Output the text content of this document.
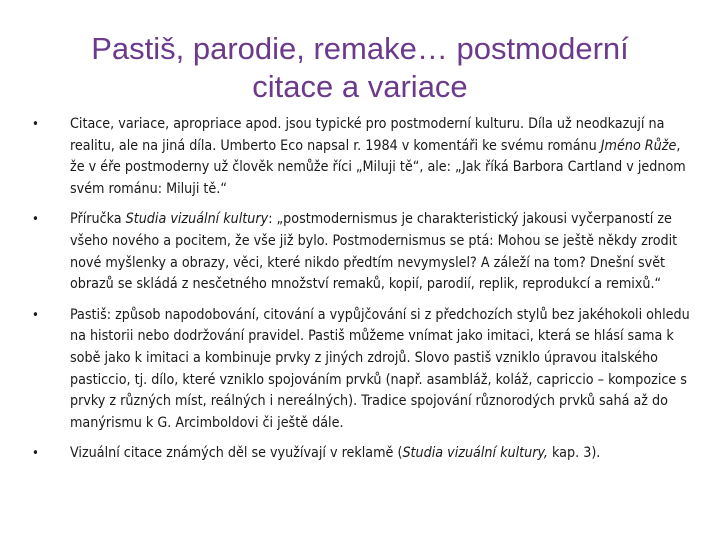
Pastiš, parodie, remake… postmoderní
citace a variace
• Citace, variace, apropriace apod. jsou typické pro postmoderní kulturu. Díla už neodkazují na realitu, ale na jiná díla. Umberto Eco napsal r. 1984 v komentáři ke svému románu Jméno Růže, že v éře postmoderny už člověk nemůže říci „Miluji tě“, ale: „Jak říká Barbora Cartland v jednom svém románu: Miluji tě.“
• Příručka Studia vizuální kultury: „postmodernismus je charakteristický jakousi vyčerpaností ze všeho nového a pocitem, že vše již bylo. Postmodernismus se ptá: Mohou se ještě někdy zrodit nové myšlenky a obrazy, věci, které nikdo předtím nevymyslel? A záleží na tom? Dnešní svět obrazů se skládá z nesčetného množství remaků, kopií, parodií, replik, reprodukcí a remixů.“
• Pastiš: způsob napodobování, citování a vypůjčování si z předchozích stylů bez jakéhokoli ohledu na historii nebo dodržování pravidel. Pastiš můžeme vnímat jako imitaci, která se hlásí sama k sobě jako k imitaci a kombinuje prvky z jiných zdrojů. Slovo pastiš vzniklo úpravou italského pasticcio, tj. dílo, které vzniklo spojováním prvků (např. asambláž, koláž, capriccio – kompozice s prvky z různých míst, reálných i nereálných). Tradice spojování různorodých prvků sahá až do manýrismu k G. Arcimboldovi či ještě dále.
• Vizuální citace známých děl se využívají v reklamě (Studia vizuální kultury, kap. 3).
